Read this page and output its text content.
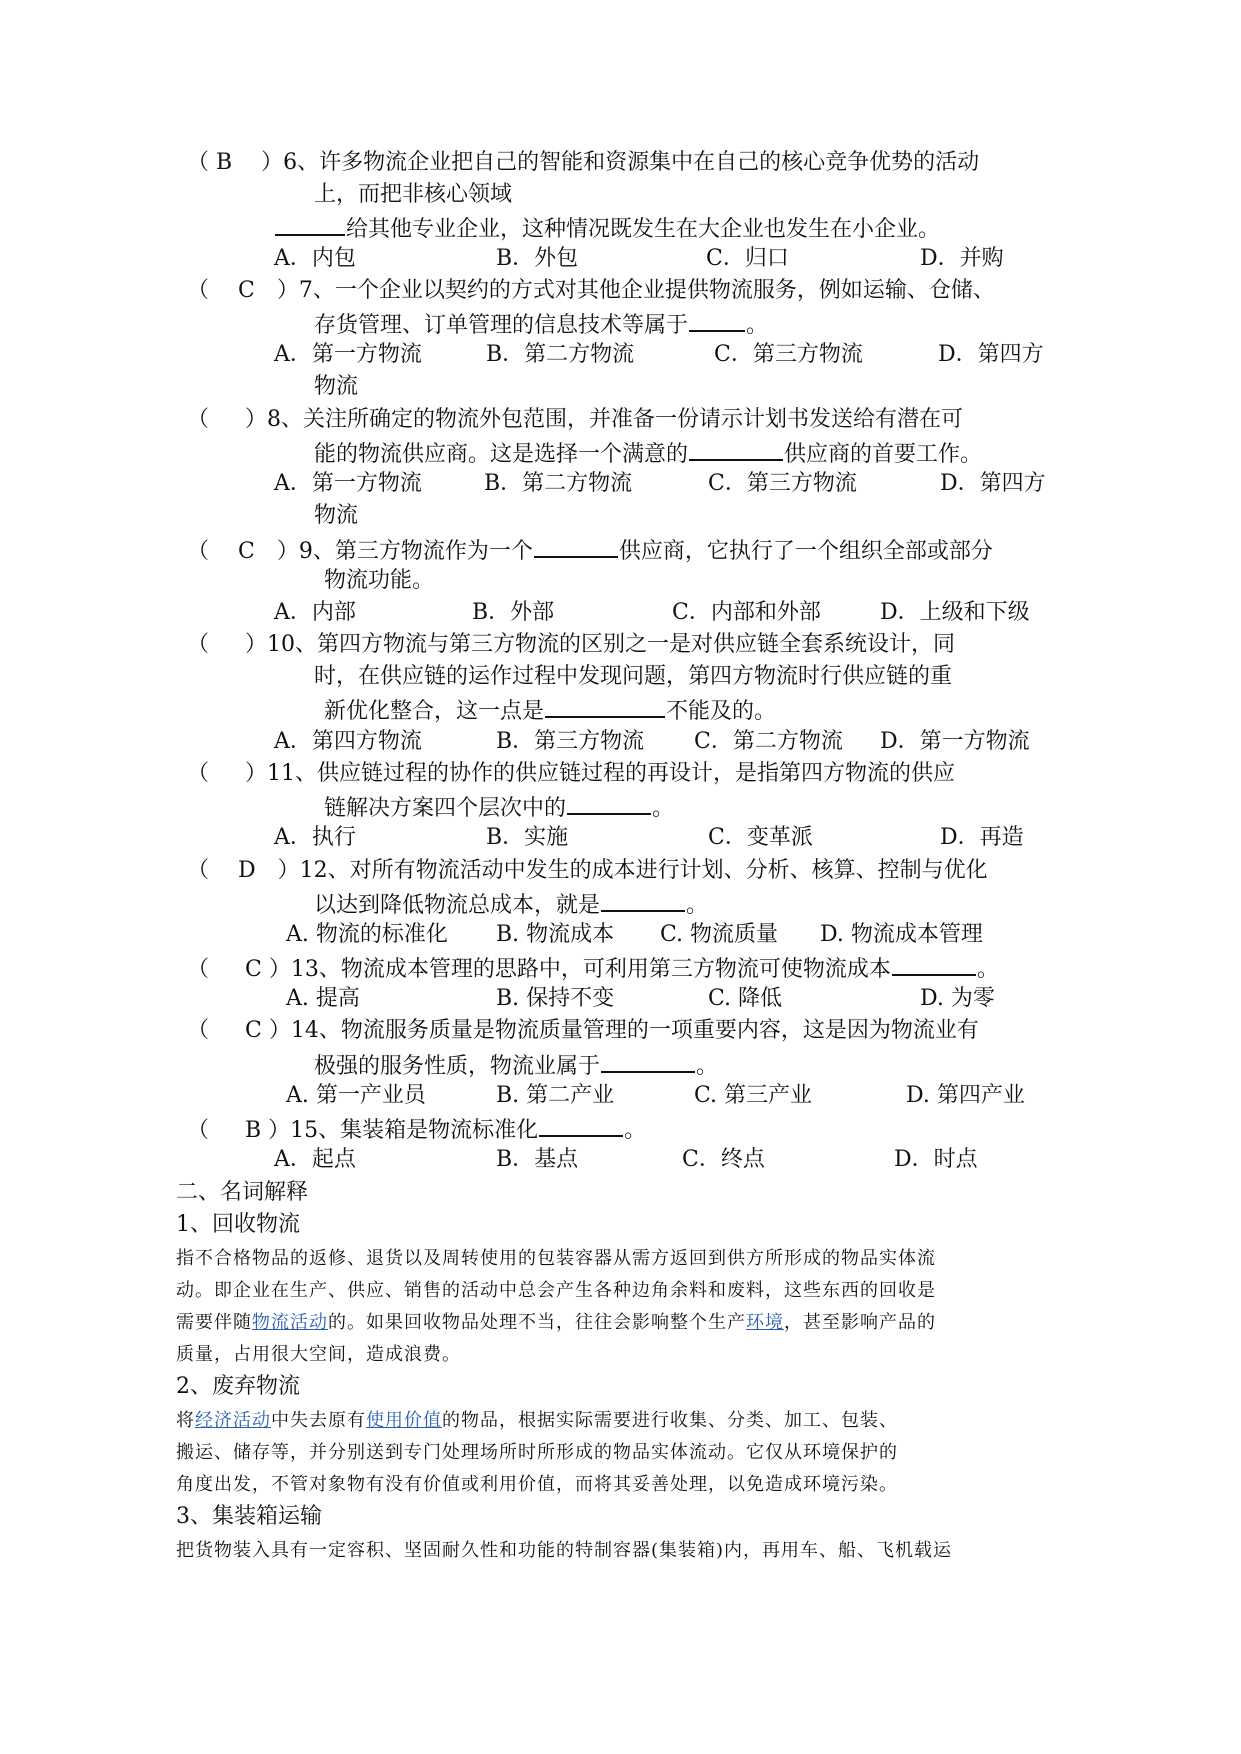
（ B　 ）6、许多物流企业把自己的智能和资源集中在自己的核心竞争优势的活动
上，而把非核心领域
给其他专业企业，这种情况既发生在大企业也发生在小企业。
A．内包	B．外包	C．归口	D．并购
（ 　C　）7、一个企业以契约的方式对其他企业提供物流服务，例如运输、仓储、
存货管理、订单管理的信息技术等属于	。
A．第一方物流	B．第二方物流	C．第三方物流	D．第四方
物流
（ 　 ）8、关注所确定的物流外包范围，并准备一份请示计划书发送给有潜在可
能的物流供应商。这是选择一个满意的	供应商的首要工作。
A．第一方物流	B．第二方物流	C．第三方物流	D．第四方
物流
（ 　C　）9、第三方物流作为一个	供应商，它执行了一个组织全部或部分
物流功能。
A．内部	B．外部	C．内部和外部	D．上级和下级
（ 　 ）10、第四方物流与第三方物流的区别之一是对供应链全套系统设计，同
时，在供应链的运作过程中发现问题，第四方物流时行供应链的重
新优化整合，这一点是	不能及的。
A．第四方物流	B．第三方物流 C．第二方物流 D．第一方物流
（ 　 ）11、供应链过程的协作的供应链过程的再设计，是指第四方物流的供应
链解决方案四个层次中的	。
A．执行	B．实施	C．变革派	D．再造
（ 　D　）12、对所有物流活动中发生的成本进行计划、分析、核算、控制与优化
以达到降低物流总成本，就是	。
A. 物流的标准化 B. 物流成本 C. 物流质量 D. 物流成本管理
（ 　 C ）13、物流成本管理的思路中，可利用第三方物流可使物流成本	。
A. 提高	B. 保持不变	C. 降低	D. 为零
（ 　 C ）14、物流服务质量是物流质量管理的一项重要内容，这是因为物流业有
极强的服务性质，物流业属于	。
A. 第一产业员	B. 第二产业	C. 第三产业	D. 第四产业
（ 　 B ）15、集装箱是物流标准化	。
A．起点	B．基点	C．终点	D．时点
二、名词解释
1、回收物流
指不合格物品的返修、退货以及周转使用的包装容器从需方返回到供方所形成的物品实体流
动。即企业在生产、供应、销售的活动中总会产生各种边角余料和废料，这些东西的回收是
需要伴随物流活动的。如果回收物品处理不当，往往会影响整个生产环境，甚至影响产品的
质量，占用很大空间，造成浪费。
2、废弃物流
将经济活动中失去原有使用价值的物品，根据实际需要进行收集、分类、加工、包装、
搬运、储存等，并分别送到专门处理场所时所形成的物品实体流动。它仅从环境保护的
角度出发，不管对象物有没有价值或利用价值，而将其妥善处理，以免造成环境污染。
3、集装箱运输
把货物装入具有一定容积、坚固耐久性和功能的特制容器(集装箱)内，再用车、船、飞机载运
